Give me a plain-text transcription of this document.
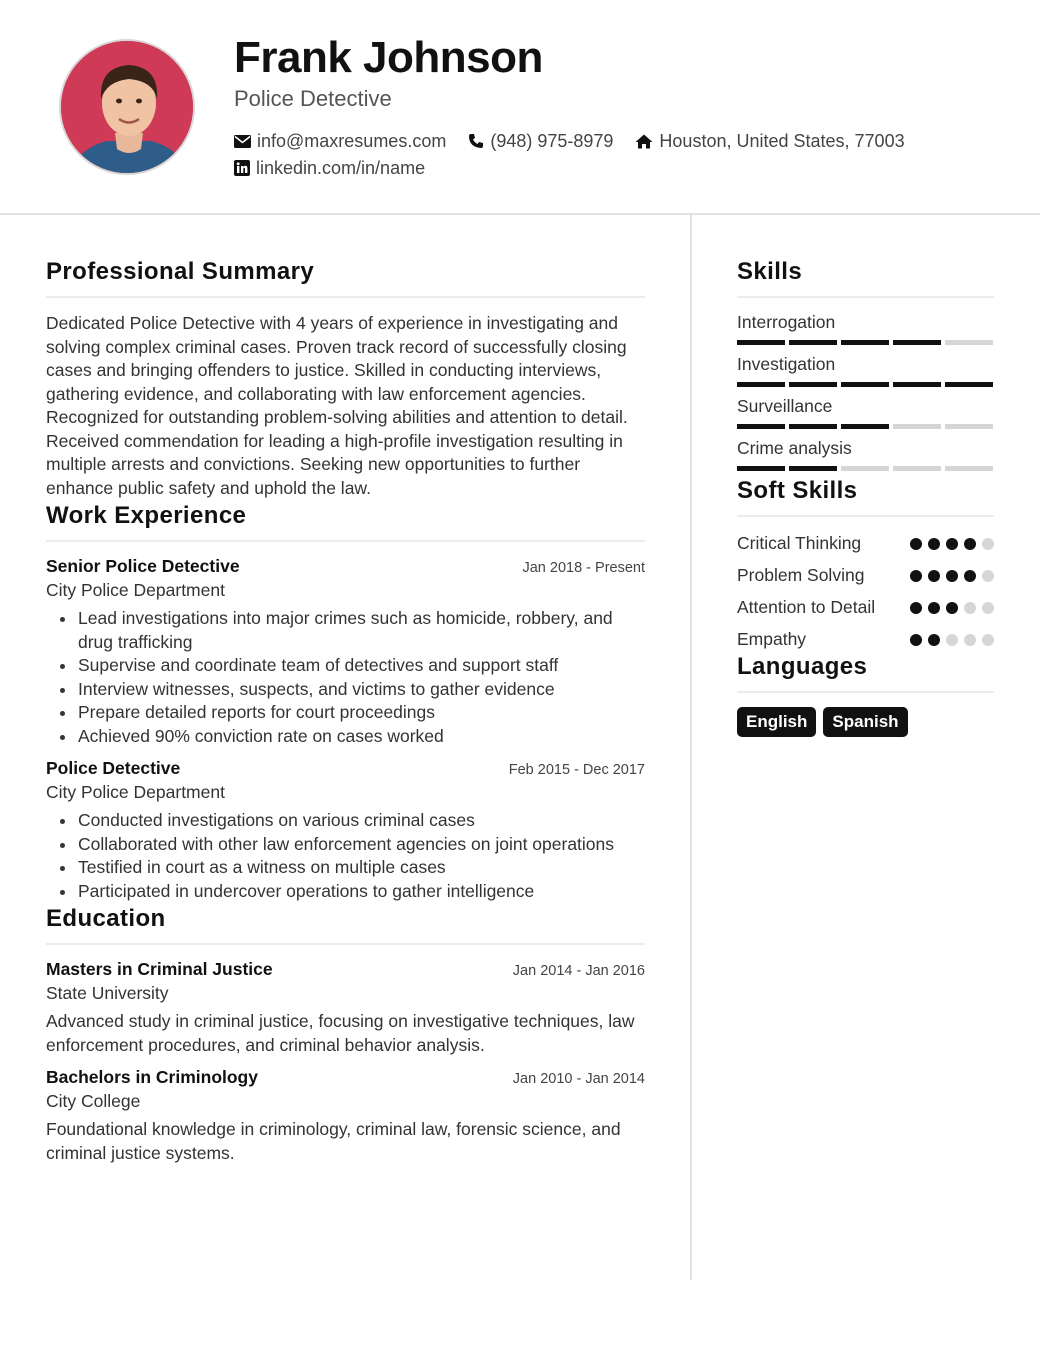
Frank Johnson
Police Detective
info@maxresumes.com (948) 975-8979	Houston, United States, 77003
linkedin.com/in/name
Professional Summary

Dedicated Police Detective with 4 years of experience in investigating and solving complex criminal cases. Proven track record of successfully closing cases and bringing offenders to justice. Skilled in conducting interviews, gathering evidence, and collaborating with law enforcement agencies. Recognized for outstanding problem-solving abilities and attention to detail. Received commendation for leading a high-profile investigation resulting in multiple arrests and convictions. Seeking new opportunities to further enhance public safety and uphold the law.

Work Experience
Senior Police Detective	Jan 2018 - Present
City Police Department
Lead investigations into major crimes such as homicide, robbery, and drug trafficking
Supervise and coordinate team of detectives and support staff
Interview witnesses, suspects, and victims to gather evidence
Prepare detailed reports for court proceedings
Achieved 90% conviction rate on cases worked
Police Detective	Feb 2015 - Dec 2017
City Police Department
Conducted investigations on various criminal cases
Collaborated with other law enforcement agencies on joint operations
Testified in court as a witness on multiple cases
Participated in undercover operations to gather intelligence
Education
Masters in Criminal Justice	Jan 2014 - Jan 2016
State University

Advanced study in criminal justice, focusing on investigative techniques, law enforcement procedures, and criminal behavior analysis.

Bachelors in Criminology	Jan 2010 - Jan 2014
City College

Foundational knowledge in criminology, criminal law, forensic science, and criminal justice systems.

Skills
Interrogation
Investigation
Surveillance
Crime analysis
Soft Skills
Critical Thinking
Problem Solving
Attention to Detail
Empathy
Languages
English	Spanish
